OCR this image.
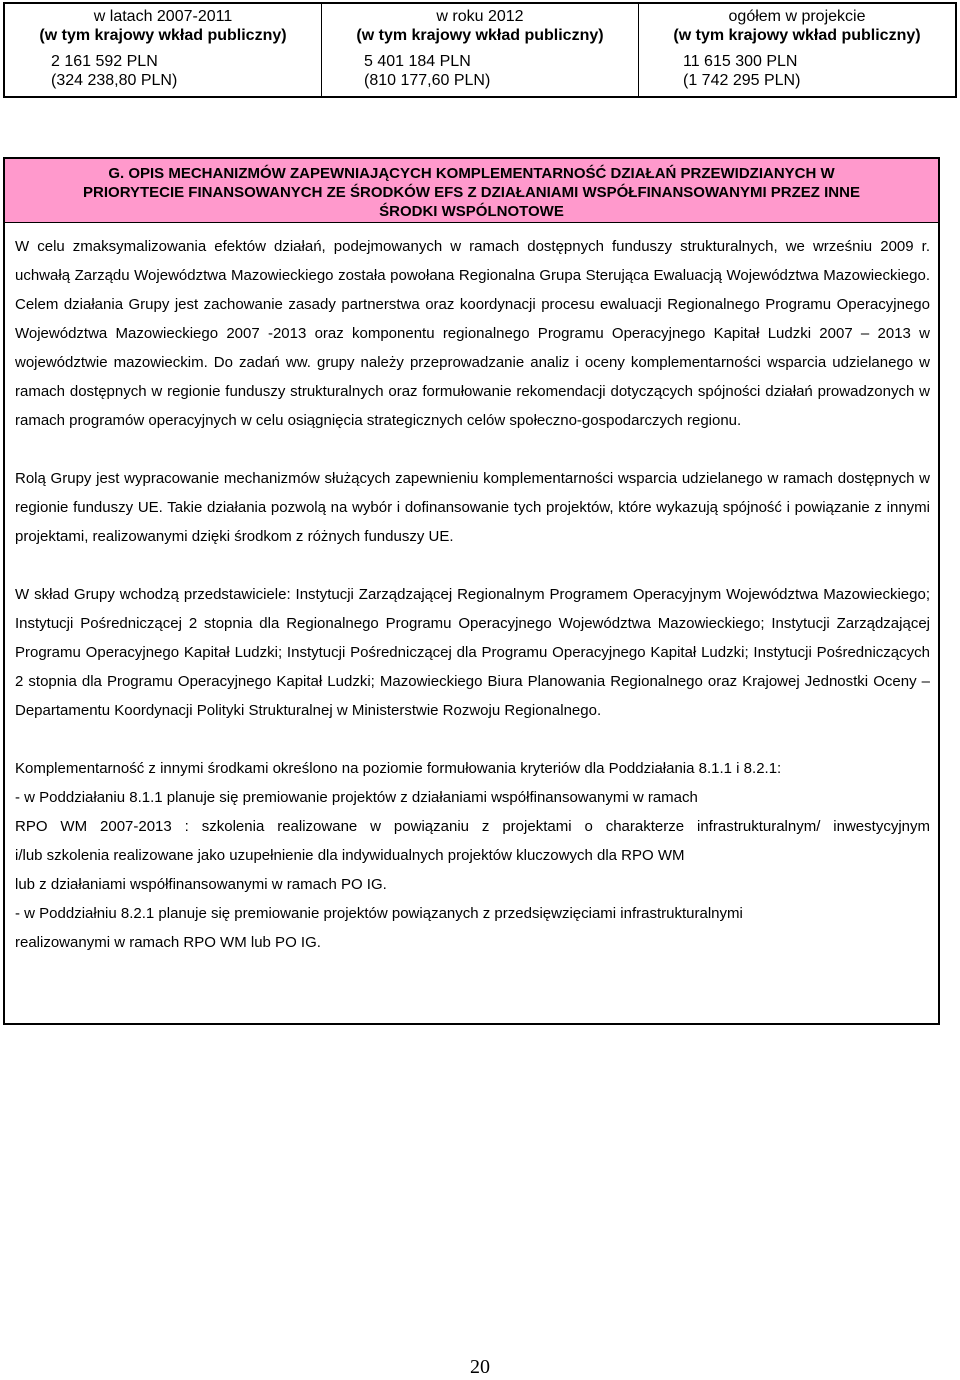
w latach 2007-2011
(w tym krajowy wkład publiczny)
2 161 592 PLN
(324 238,80 PLN)
w roku 2012
(w tym krajowy wkład publiczny)
5 401 184 PLN
(810 177,60 PLN)
ogółem w projekcie
(w tym krajowy wkład publiczny)
11 615 300 PLN
(1 742 295 PLN)
G. OPIS MECHANIZMÓW ZAPEWNIAJĄCYCH KOMPLEMENTARNOŚĆ DZIAŁAŃ PRZEWIDZIANYCH W
PRIORYTECIE FINANSOWANYCH ZE ŚRODKÓW EFS Z DZIAŁANIAMI WSPÓŁFINANSOWANYMI PRZEZ INNE
ŚRODKI WSPÓLNOTOWE

W celu zmaksymalizowania efektów działań, podejmowanych w ramach dostępnych funduszy strukturalnych, we wrześniu 2009 r. uchwałą Zarządu Województwa Mazowieckiego została powołana Regionalna Grupa Sterująca Ewaluacją Województwa Mazowieckiego. Celem działania Grupy jest zachowanie zasady partnerstwa oraz koordynacji procesu ewaluacji Regionalnego Programu Operacyjnego Województwa Mazowieckiego 2007 -2013 oraz komponentu regionalnego Programu Operacyjnego Kapitał Ludzki 2007 – 2013 w województwie mazowieckim. Do zadań ww. grupy należy przeprowadzanie analiz i oceny komplementarności wsparcia udzielanego w ramach dostępnych w regionie funduszy strukturalnych oraz formułowanie rekomendacji dotyczących spójności działań prowadzonych w ramach programów operacyjnych w celu osiągnięcia strategicznych celów społeczno-gospodarczych regionu.

Rolą Grupy jest wypracowanie mechanizmów służących zapewnieniu komplementarności wsparcia udzielanego w ramach dostępnych w regionie funduszy UE. Takie działania pozwolą na wybór i dofinansowanie tych projektów, które wykazują spójność i powiązanie z innymi projektami, realizowanymi dzięki środkom z różnych funduszy UE.

W skład Grupy wchodzą przedstawiciele: Instytucji Zarządzającej Regionalnym Programem Operacyjnym Województwa Mazowieckiego; Instytucji Pośredniczącej 2 stopnia dla Regionalnego Programu Operacyjnego Województwa Mazowieckiego; Instytucji Zarządzającej Programu Operacyjnego Kapitał Ludzki; Instytucji Pośredniczącej dla Programu Operacyjnego Kapitał Ludzki; Instytucji Pośredniczących 2 stopnia dla Programu Operacyjnego Kapitał Ludzki; Mazowieckiego Biura Planowania Regionalnego oraz Krajowej Jednostki Oceny – Departamentu Koordynacji Polityki Strukturalnej w Ministerstwie Rozwoju Regionalnego.

Komplementarność z innymi środkami określono na poziomie formułowania kryteriów dla Poddziałania 8.1.1 i 8.2.1:
- w Poddziałaniu 8.1.1 planuje się premiowanie projektów z działaniami współfinansowanymi w ramach
RPO WM 2007-2013 : szkolenia realizowane w powiązaniu z projektami o charakterze infrastrukturalnym/ inwestycyjnym
i/lub szkolenia realizowane jako uzupełnienie dla indywidualnych projektów kluczowych dla RPO WM
lub z działaniami współfinansowanymi w ramach PO IG.
- w Poddziałniu 8.2.1 planuje się premiowanie projektów powiązanych z przedsięwzięciami infrastrukturalnymi
realizowanymi w ramach RPO WM lub PO IG.
20
